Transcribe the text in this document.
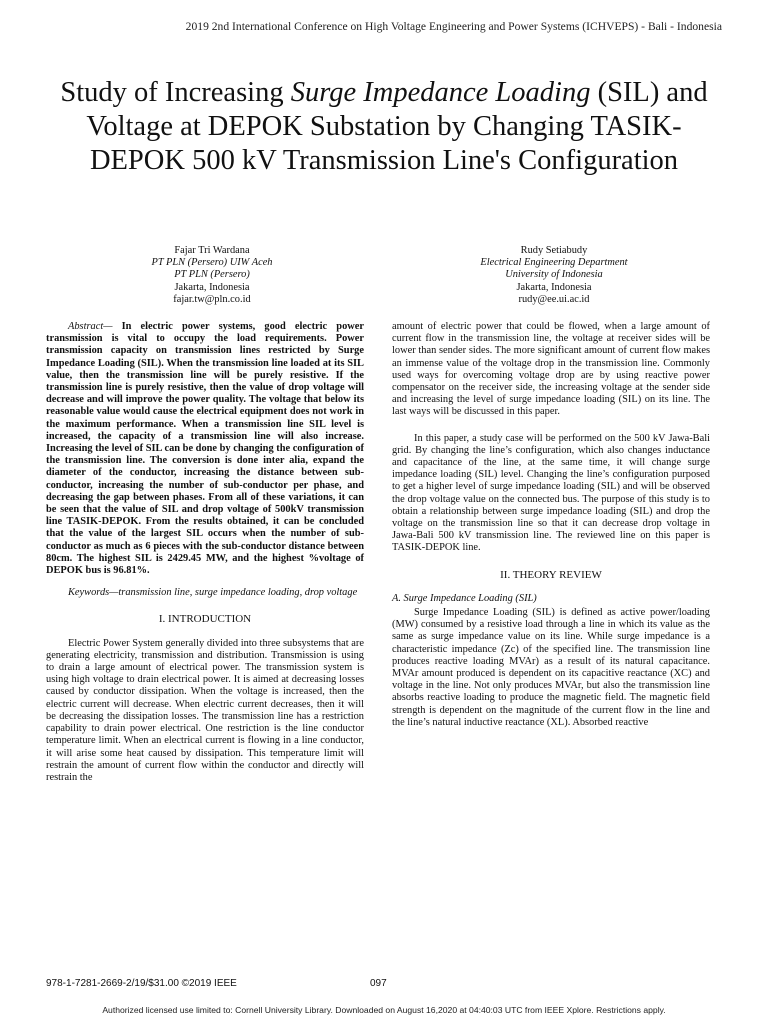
2019 2nd International Conference on High Voltage Engineering and Power Systems (ICHVEPS) - Bali - Indonesia
Study of Increasing Surge Impedance Loading (SIL) and Voltage at DEPOK Substation by Changing TASIK-DEPOK 500 kV Transmission Line's Configuration
Fajar Tri Wardana
PT PLN (Persero) UIW Aceh
PT PLN (Persero)
Jakarta, Indonesia
fajar.tw@pln.co.id
Rudy Setiabudy
Electrical Engineering Department
University of Indonesia
Jakarta, Indonesia
rudy@ee.ui.ac.id

Abstract— In electric power systems, good electric power transmission is vital to occupy the load requirements. Power transmission capacity on transmission lines restricted by Surge Impedance Loading (SIL). When the transmission line loaded at its SIL value, then the transmission line will be purely resistive. If the transmission line is purely resistive, then the value of drop voltage will decrease and will improve the power quality. The voltage that below its reasonable value would cause the electrical equipment does not work in the maximum performance. When a transmission line SIL level is increased, the capacity of a transmission line will also increase. Increasing the level of SIL can be done by changing the configuration of the transmission line. The conversion is done inter alia, expand the diameter of the conductor, increasing the distance between sub-conductor, increasing the number of sub-conductor per phase, and decreasing the gap between phases. From all of these variations, it can be seen that the value of SIL and drop voltage of 500kV transmission line TASIK-DEPOK. From the results obtained, it can be concluded that the value of the largest SIL occurs when the number of sub-conductor as much as 6 pieces with the sub-conductor distance between 80cm. The highest SIL is 2429.45 MW, and the highest %voltage of DEPOK bus is 96.81%.

Keywords—transmission line, surge impedance loading, drop voltage

I. INTRODUCTION

Electric Power System generally divided into three subsystems that are generating electricity, transmission and distribution. Transmission is using to drain a large amount of electrical power. The transmission system is using high voltage to drain electrical power. It is aimed at decreasing losses caused by conductor dissipation. When the voltage is increased, then the electric current will decrease. When electric current decreases, then it will be decreasing the dissipation losses. The transmission line has a restriction capability to drain power electrical. One restriction is the line conductor temperature limit. When an electrical current is flowing in a line conductor, it will arise some heat caused by dissipation. This temperature limit will restrain the amount of current flow within the conductor and directly will restrain the

amount of electric power that could be flowed, when a large amount of current flow in the transmission line, the voltage at receiver sides will be lower than sender sides. The more significant amount of current flow makes an immense value of the voltage drop in the transmission line. Commonly used ways for overcoming voltage drop are by using reactive power compensator on the receiver side, the increasing voltage at the sender side and increasing the level of surge impedance loading (SIL) on its line. The last ways will be discussed in this paper.

In this paper, a study case will be performed on the 500 kV Jawa-Bali grid. By changing the line’s configuration, which also changes inductance and capacitance of the line, at the same time, it will change surge impedance loading (SIL) level. Changing the line’s configuration purposed to get a higher level of surge impedance loading (SIL) and will be observed the drop voltage value on the connected bus. The purpose of this study is to obtain a relationship between surge impedance loading (SIL) and drop the voltage on the transmission line so that it can decrease drop voltage in Jawa-Bali 500 kV transmission line. The reviewed line on this paper is TASIK-DEPOK line.

II. THEORY REVIEW
A. Surge Impedance Loading (SIL)

Surge Impedance Loading (SIL) is defined as active power/loading (MW) consumed by a resistive load through a line in which its value as the same as surge impedance value on its line. While surge impedance is a characteristic impedance (Zc) of the specified line. The transmission line produces reactive loading MVAr) as a result of its natural capacitance. MVAr amount produced is dependent on its capacitive reactance (XC) and voltage in the line. Not only produces MVAr, but also the transmission line absorbs reactive loading to produce the magnetic field. The magnetic field strength is dependent on the magnitude of the current flow in the line and the line’s natural inductive reactance (XL). Absorbed reactive

978-1-7281-2669-2/19/$31.00 ©2019 IEEE	097
Authorized licensed use limited to: Cornell University Library. Downloaded on August 16,2020 at 04:40:03 UTC from IEEE Xplore. Restrictions apply.
